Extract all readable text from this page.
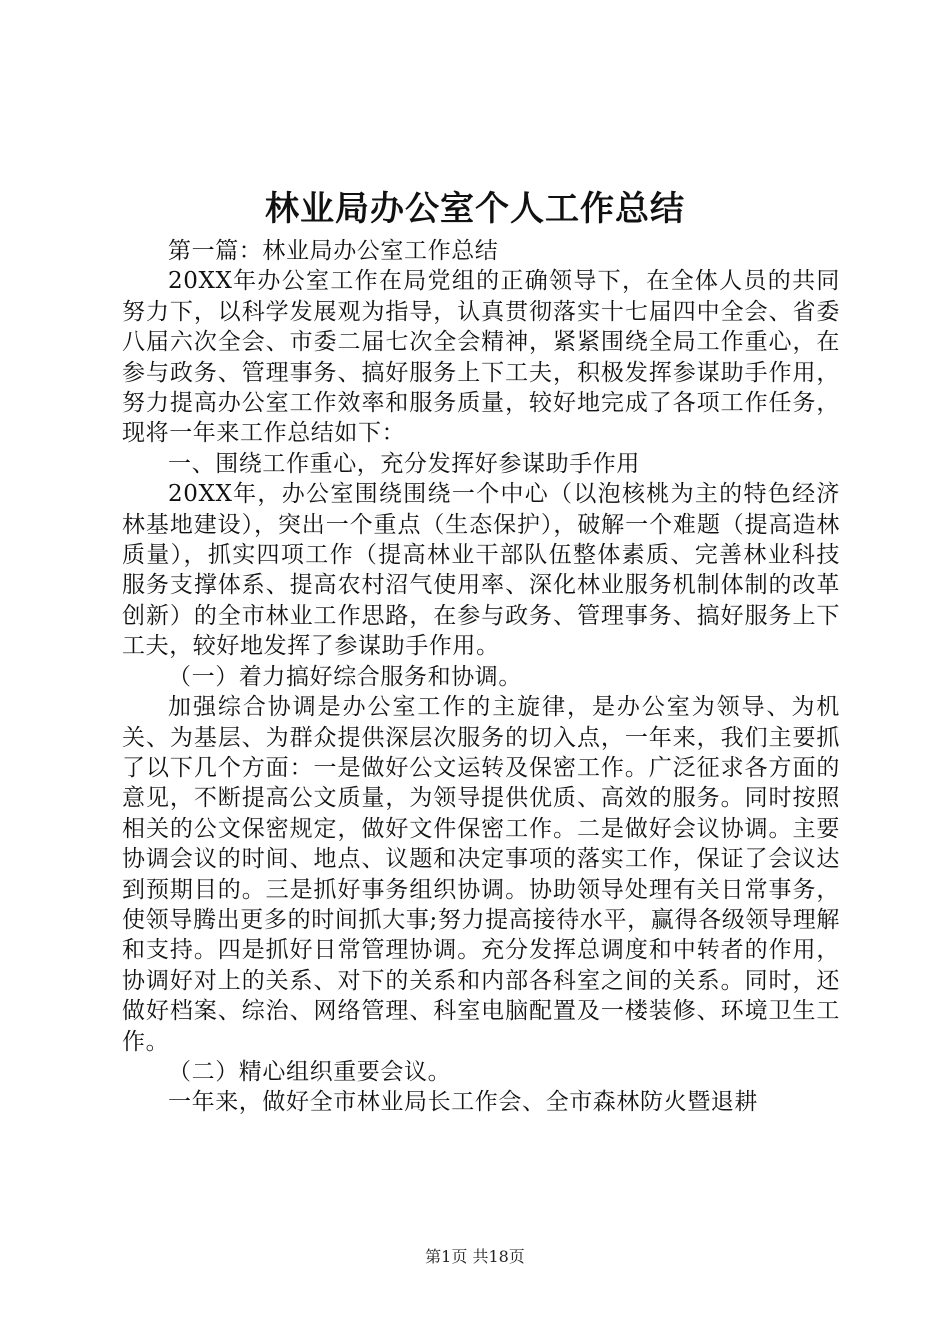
林业局办公室个人工作总结

第一篇：林业局办公室工作总结

20XX年办公室工作在局党组的正确领导下，在全体人员的共同努力下，以科学发展观为指导，认真贯彻落实十七届四中全会、省委八届六次全会、市委二届七次全会精神，紧紧围绕全局工作重心，在参与政务、管理事务、搞好服务上下工夫，积极发挥参谋助手作用，努力提高办公室工作效率和服务质量，较好地完成了各项工作任务，现将一年来工作总结如下：

一、围绕工作重心，充分发挥好参谋助手作用

20XX年，办公室围绕围绕一个中心（以泡核桃为主的特色经济林基地建设），突出一个重点（生态保护），破解一个难题（提高造林质量），抓实四项工作（提高林业干部队伍整体素质、完善林业科技服务支撑体系、提高农村沼气使用率、深化林业服务机制体制的改革创新）的全市林业工作思路，在参与政务、管理事务、搞好服务上下工夫，较好地发挥了参谋助手作用。

（一）着力搞好综合服务和协调。

加强综合协调是办公室工作的主旋律，是办公室为领导、为机关、为基层、为群众提供深层次服务的切入点，一年来，我们主要抓了以下几个方面：一是做好公文运转及保密工作。广泛征求各方面的意见，不断提高公文质量，为领导提供优质、高效的服务。同时按照相关的公文保密规定，做好文件保密工作。二是做好会议协调。主要协调会议的时间、地点、议题和决定事项的落实工作，保证了会议达到预期目的。三是抓好事务组织协调。协助领导处理有关日常事务，使领导腾出更多的时间抓大事;努力提高接待水平，赢得各级领导理解和支持。四是抓好日常管理协调。充分发挥总调度和中转者的作用，协调好对上的关系、对下的关系和内部各科室之间的关系。同时，还做好档案、综治、网络管理、科室电脑配置及一楼装修、环境卫生工作。

（二）精心组织重要会议。

一年来，做好全市林业局长工作会、全市森林防火暨退耕

第1页 共18页
